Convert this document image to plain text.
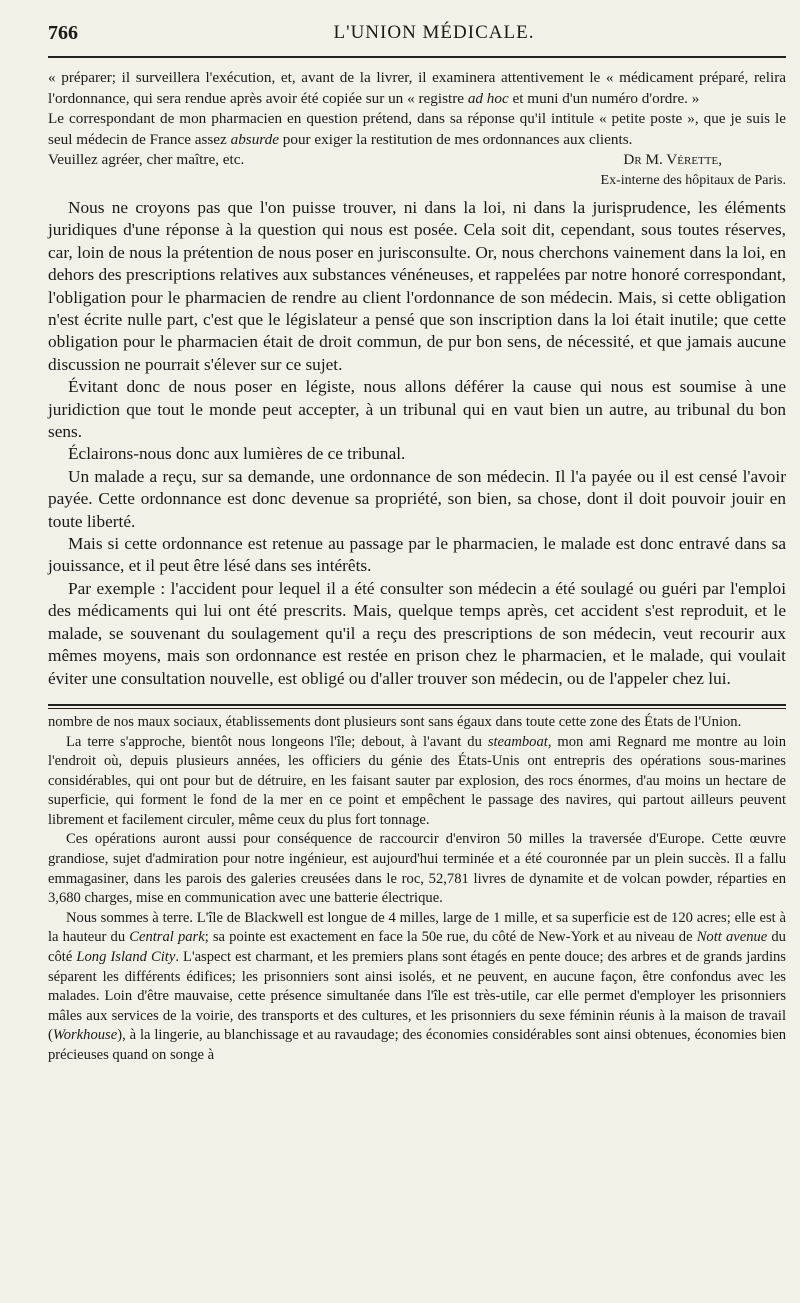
766	L'UNION MÉDICALE.

« préparer; il surveillera l'exécution, et, avant de la livrer, il examinera attentivement le « médicament préparé, relira l'ordonnance, qui sera rendue après avoir été copiée sur un « registre ad hoc et muni d'un numéro d'ordre. »

Le correspondant de mon pharmacien en question prétend, dans sa réponse qu'il intitule « petite poste », que je suis le seul médecin de France assez absurde pour exiger la restitution de mes ordonnances aux clients.

Veuillez agréer, cher maître, etc.	Dr M. Vérette,
Ex-interne des hôpitaux de Paris.

Nous ne croyons pas que l'on puisse trouver, ni dans la loi, ni dans la jurisprudence, les éléments juridiques d'une réponse à la question qui nous est posée. Cela soit dit, cependant, sous toutes réserves, car, loin de nous la prétention de nous poser en jurisconsulte. Or, nous cherchons vainement dans la loi, en dehors des prescriptions relatives aux substances vénéneuses, et rappelées par notre honoré correspondant, l'obligation pour le pharmacien de rendre au client l'ordonnance de son médecin. Mais, si cette obligation n'est écrite nulle part, c'est que le législateur a pensé que son inscription dans la loi était inutile; que cette obligation pour le pharmacien était de droit commun, de pur bon sens, de nécessité, et que jamais aucune discussion ne pourrait s'élever sur ce sujet.

Évitant donc de nous poser en légiste, nous allons déférer la cause qui nous est soumise à une juridiction que tout le monde peut accepter, à un tribunal qui en vaut bien un autre, au tribunal du bon sens.

Éclairons-nous donc aux lumières de ce tribunal.

Un malade a reçu, sur sa demande, une ordonnance de son médecin. Il l'a payée ou il est censé l'avoir payée. Cette ordonnance est donc devenue sa propriété, son bien, sa chose, dont il doit pouvoir jouir en toute liberté.

Mais si cette ordonnance est retenue au passage par le pharmacien, le malade est donc entravé dans sa jouissance, et il peut être lésé dans ses intérêts.

Par exemple : l'accident pour lequel il a été consulter son médecin a été soulagé ou guéri par l'emploi des médicaments qui lui ont été prescrits. Mais, quelque temps après, cet accident s'est reproduit, et le malade, se souvenant du soulagement qu'il a reçu des prescriptions de son médecin, veut recourir aux mêmes moyens, mais son ordonnance est restée en prison chez le pharmacien, et le malade, qui voulait éviter une consultation nouvelle, est obligé ou d'aller trouver son médecin, ou de l'appeler chez lui.

nombre de nos maux sociaux, établissements dont plusieurs sont sans égaux dans toute cette zone des États de l'Union.

La terre s'approche, bientôt nous longeons l'île; debout, à l'avant du steamboat, mon ami Regnard me montre au loin l'endroit où, depuis plusieurs années, les officiers du génie des États-Unis ont entrepris des opérations sous-marines considérables, qui ont pour but de détruire, en les faisant sauter par explosion, des rocs énormes, d'au moins un hectare de superficie, qui forment le fond de la mer en ce point et empêchent le passage des navires, qui partout ailleurs peuvent librement et facilement circuler, même ceux du plus fort tonnage.

Ces opérations auront aussi pour conséquence de raccourcir d'environ 50 milles la traversée d'Europe. Cette œuvre grandiose, sujet d'admiration pour notre ingénieur, est aujourd'hui terminée et a été couronnée par un plein succès. Il a fallu emmagasiner, dans les parois des galeries creusées dans le roc, 52,781 livres de dynamite et de volcan powder, réparties en 3,680 charges, mise en communication avec une batterie électrique.

Nous sommes à terre. L'île de Blackwell est longue de 4 milles, large de 1 mille, et sa superficie est de 120 acres; elle est à la hauteur du Central park; sa pointe est exactement en face la 50e rue, du côté de New-York et au niveau de Nott avenue du côté Long Island City. L'aspect est charmant, et les premiers plans sont étagés en pente douce; des arbres et de grands jardins séparent les différents édifices; les prisonniers sont ainsi isolés, et ne peuvent, en aucune façon, être confondus avec les malades. Loin d'être mauvaise, cette présence simultanée dans l'île est très-utile, car elle permet d'employer les prisonniers mâles aux services de la voirie, des transports et des cultures, et les prisonniers du sexe féminin réunis à la maison de travail (Workhouse), à la lingerie, au blanchissage et au ravaudage; des économies considérables sont ainsi obtenues, économies bien précieuses quand on songe à
